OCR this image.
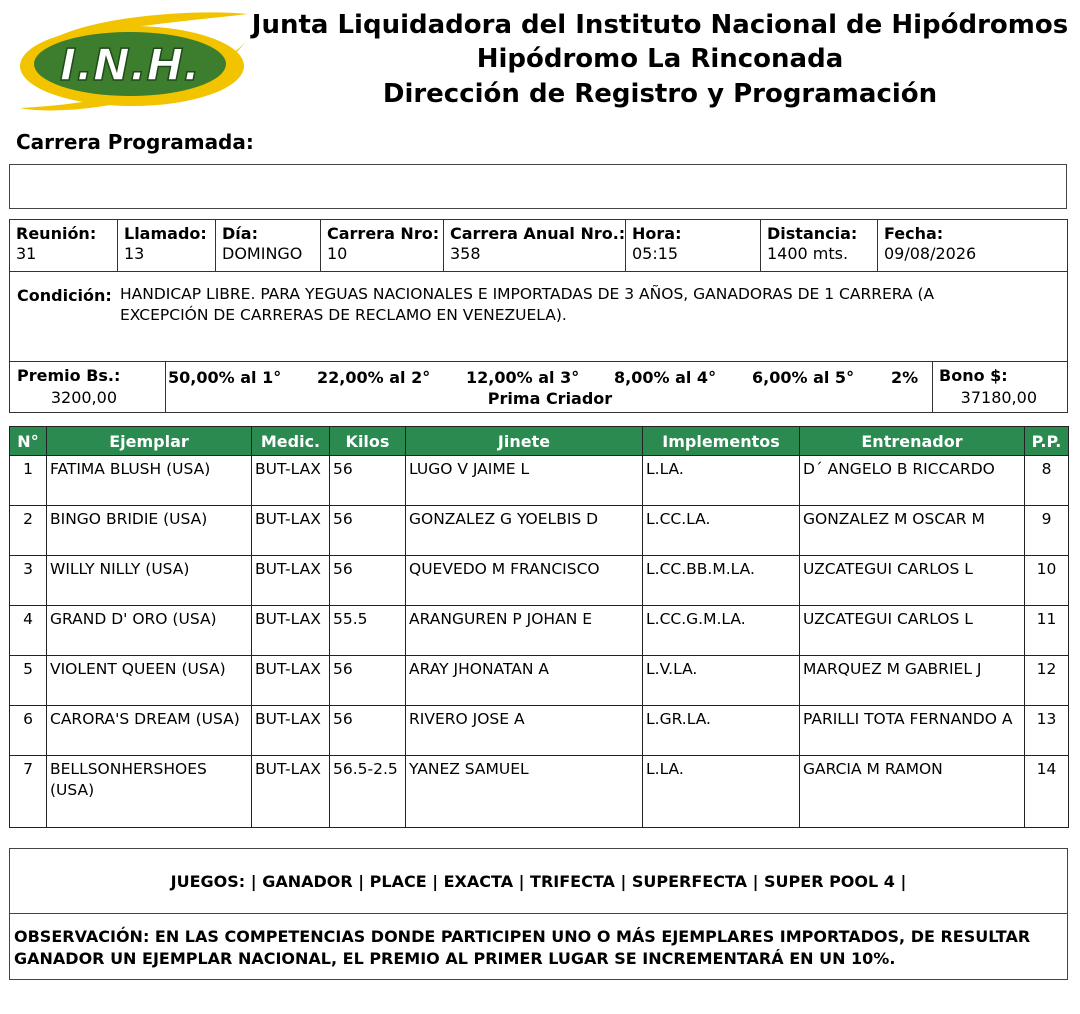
I.N.H.
Junta Liquidadora del Instituto Nacional de Hipódromos
Hipódromo La Rinconada
Dirección de Registro y Programación
Carrera Programada:
Reunión:
31
Llamado:
13
Día:
DOMINGO
Carrera Nro:
10
Carrera Anual Nro.:
358
Hora:
05:15
Distancia:
1400 mts.
Fecha:
09/08/2026
Condición: HANDICAP LIBRE. PARA YEGUAS NACIONALES E IMPORTADAS DE 3 AÑOS, GANADORAS DE 1 CARRERA (A EXCEPCIÓN DE CARRERAS DE RECLAMO EN VENEZUELA).
Premio Bs.:
3200,00
50,00% al 1° 22,00% al 2° 12,00% al 3° 8,00% al 4° 6,00% al 5° 2%
Prima Criador
Bono $:
37180,00
N°	Ejemplar	Medic.	Kilos	Jinete	Implementos	Entrenador	P.P.
1	FATIMA BLUSH (USA)	BUT-LAX	56	LUGO V JAIME L	L.LA.	D´ ANGELO B RICCARDO	8
2	BINGO BRIDIE (USA)	BUT-LAX	56	GONZALEZ G YOELBIS D	L.CC.LA.	GONZALEZ M OSCAR M	9
3	WILLY NILLY (USA)	BUT-LAX	56	QUEVEDO M FRANCISCO	L.CC.BB.M.LA.	UZCATEGUI CARLOS L	10
4	GRAND D' ORO (USA)	BUT-LAX	55.5	ARANGUREN P JOHAN E	L.CC.G.M.LA.	UZCATEGUI CARLOS L	11
5	VIOLENT QUEEN (USA)	BUT-LAX	56	ARAY JHONATAN A	L.V.LA.	MARQUEZ M GABRIEL J	12
6	CARORA'S DREAM (USA)	BUT-LAX	56	RIVERO JOSE A	L.GR.LA.	PARILLI TOTA FERNANDO A	13
7	BELLSONHERSHOES (USA)	BUT-LAX	56.5-2.5	YANEZ SAMUEL	L.LA.	GARCIA M RAMON	14
JUEGOS: | GANADOR | PLACE | EXACTA | TRIFECTA | SUPERFECTA | SUPER POOL 4 |
OBSERVACIÓN: EN LAS COMPETENCIAS DONDE PARTICIPEN UNO O MÁS EJEMPLARES IMPORTADOS, DE RESULTAR GANADOR UN EJEMPLAR NACIONAL, EL PREMIO AL PRIMER LUGAR SE INCREMENTARÁ EN UN 10%.
